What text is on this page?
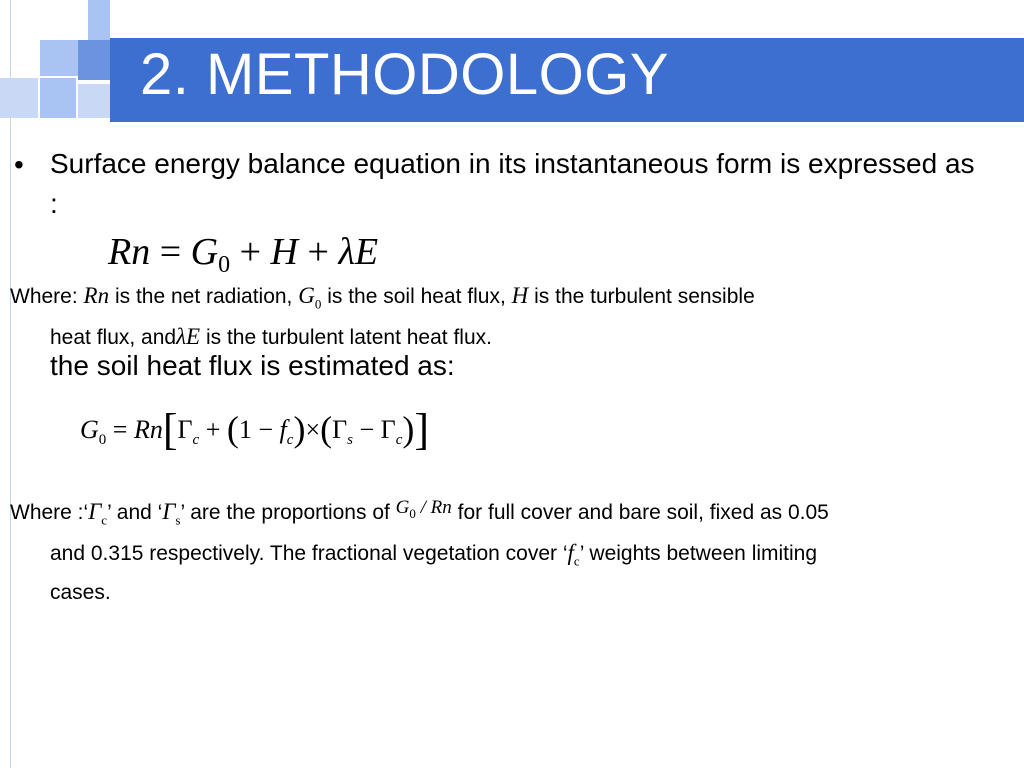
2. METHODOLOGY
• Surface energy balance equation in its instantaneous form is expressed as :
$Rn = G_0 + H + \lambda E$
Where: Rn is the net radiation, $G_0$ is the soil heat flux, H is the turbulent sensible
heat flux, andλE is the turbulent latent heat flux.
the soil heat flux is estimated as:
$G_0 = Rn[\Gamma_c + (1 - f_c)\times(\Gamma_s - \Gamma_c)]$
Where $:‘\Gamma_c$’ and ‘$\Gamma_s$’ are the proportions of $G_0$ / Rn for full cover and bare soil, fixed as 0.05
and 0.315 respectively. The fractional vegetation cover ‘$f_c$’ weights between limiting
cases.
